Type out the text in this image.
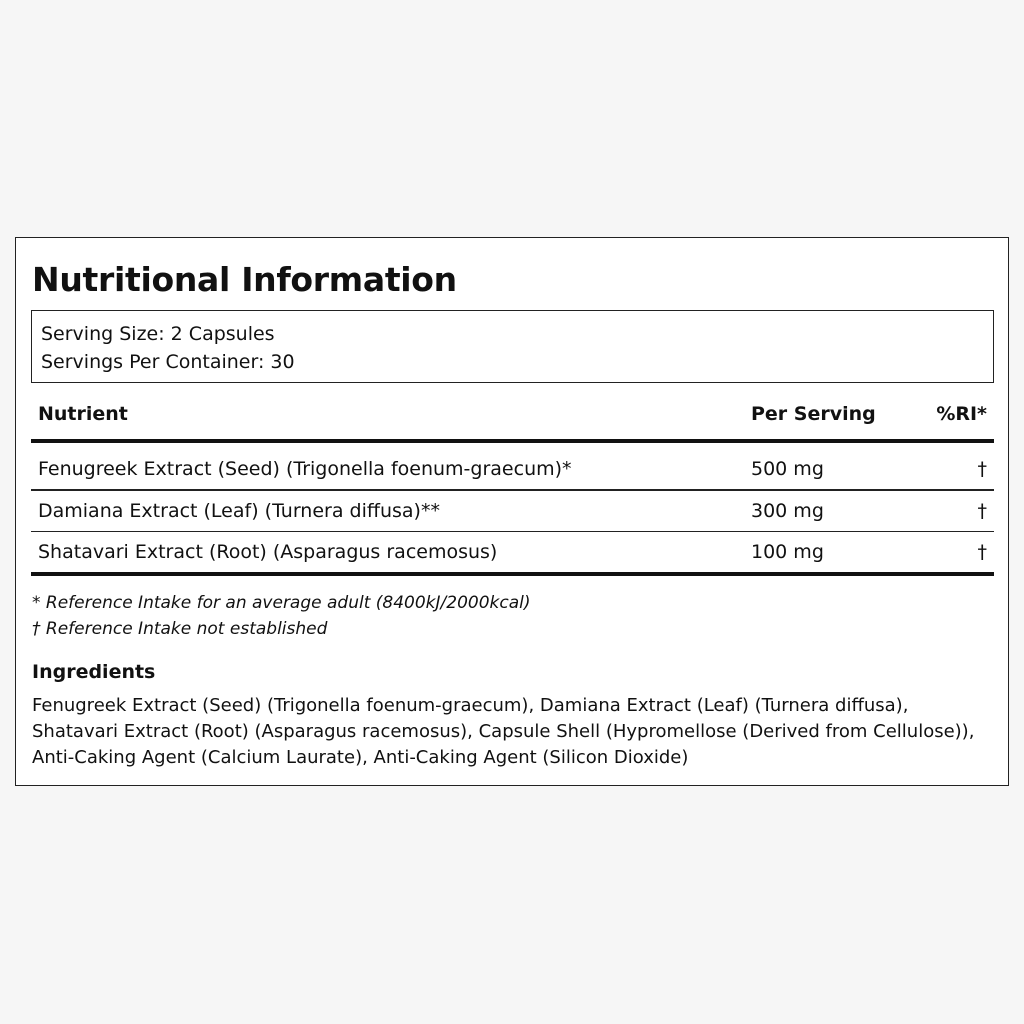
Nutritional Information
Serving Size: 2 Capsules
Servings Per Container: 30
Nutrient	Per Serving	%RI*
Fenugreek Extract (Seed) (Trigonella foenum-graecum)*	500 mg	†
Damiana Extract (Leaf) (Turnera diffusa)**	300 mg	†
Shatavari Extract (Root) (Asparagus racemosus)	100 mg	†
* Reference Intake for an average adult (8400kJ/2000kcal)
† Reference Intake not established
Ingredients

Fenugreek Extract (Seed) (Trigonella foenum-graecum), Damiana Extract (Leaf) (Turnera diffusa), Shatavari Extract (Root) (Asparagus racemosus), Capsule Shell (Hypromellose (Derived from Cellulose)), Anti-Caking Agent (Calcium Laurate), Anti-Caking Agent (Silicon Dioxide)
